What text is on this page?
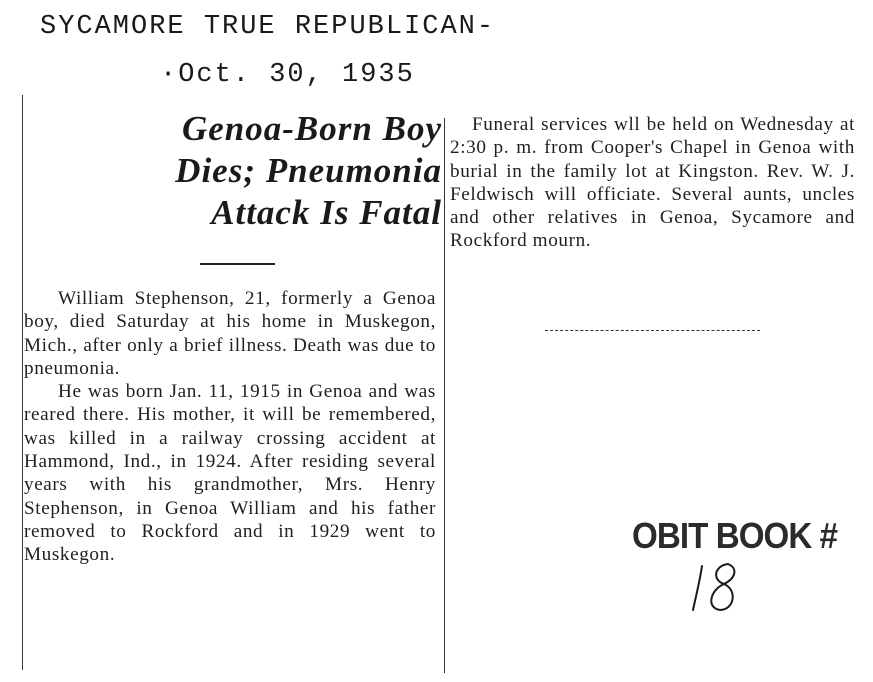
SYCAMORE TRUE REPUBLICAN-
·Oct. 30, 1935
Genoa-Born Boy
Dies; Pneumonia
Attack Is Fatal

William Stephenson, 21, formerly a Genoa boy, died Saturday at his home in Muskegon, Mich., after only a brief illness. Death was due to pneumonia.

He was born Jan. 11, 1915 in Genoa and was reared there. His mother, it will be remembered, was killed in a railway crossing accident at Hammond, Ind., in 1924. After residing several years with his grandmother, Mrs. Henry Stephenson, in Genoa William and his father removed to Rockford and in 1929 went to Muskegon.

Funeral services wll be held on Wednesday at 2:30 p. m. from Cooper's Chapel in Genoa with burial in the family lot at Kingston. Rev. W. J. Feldwisch will officiate. Several aunts, uncles and other relatives in Genoa, Sycamore and Rockford mourn.

OBIT BOOK #
